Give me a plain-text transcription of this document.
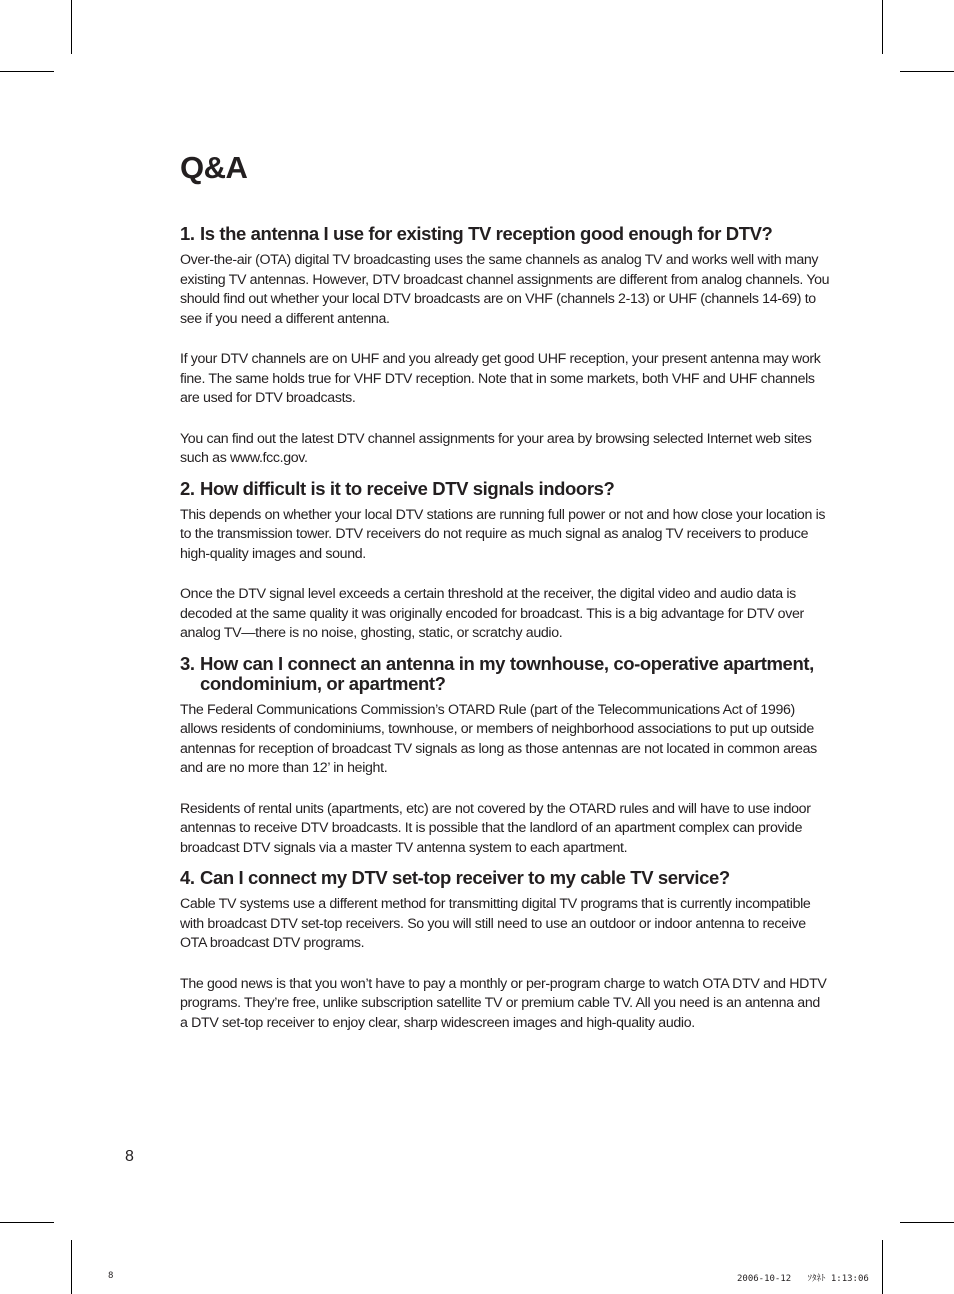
Q&A
1. Is the antenna I use for existing TV reception good enough for DTV?

Over-the-air (OTA) digital TV broadcasting uses the same channels as analog TV and works well with many existing TV antennas. However, DTV broadcast channel assignments are different from analog channels. You should find out whether your local DTV broadcasts are on VHF (channels 2-13) or UHF (channels 14-69) to see if you need a different antenna.

If your DTV channels are on UHF and you already get good UHF reception, your present antenna may work fine. The same holds true for VHF DTV reception. Note that in some markets, both VHF and UHF channels are used for DTV broadcasts.

You can find out the latest DTV channel assignments for your area by browsing selected Internet web sites such as www.fcc.gov.

2. How difficult is it to receive DTV signals indoors?

This depends on whether your local DTV stations are running full power or not and how close your location is to the transmission tower. DTV receivers do not require as much signal as analog TV receivers to produce high-quality images and sound.

Once the DTV signal level exceeds a certain threshold at the receiver, the digital video and audio data is decoded at the same quality it was originally encoded for broadcast. This is a big advantage for DTV over analog TV—there is no noise, ghosting, static, or scratchy audio.

3. How can I connect an antenna in my townhouse, co-operative apartment, condominium, or apartment?

The Federal Communications Commission’s OTARD Rule (part of the Telecommunications Act of 1996) allows residents of condominiums, townhouse, or members of neighborhood associations to put up outside antennas for reception of broadcast TV signals as long as those antennas are not located in common areas and are no more than 12’ in height.

Residents of rental units (apartments, etc) are not covered by the OTARD rules and will have to use indoor antennas to receive DTV broadcasts. It is possible that the landlord of an apartment complex can provide broadcast DTV signals via a master TV antenna system to each apartment.

4. Can I connect my DTV set-top receiver to my cable TV service?

Cable TV systems use a different method for transmitting digital TV programs that is currently incompatible with broadcast DTV set-top receivers. So you will still need to use an outdoor or indoor antenna to receive OTA broadcast DTV programs.

The good news is that you won’t have to pay a monthly or per-program charge to watch OTA DTV and HDTV programs. They’re free, unlike subscription satellite TV or premium cable TV. All you need is an antenna and a DTV set-top receiver to enjoy clear, sharp widescreen images and high-quality audio.

8
8	2006-10-12   ｿﾀﾈﾄ 1:13:06
